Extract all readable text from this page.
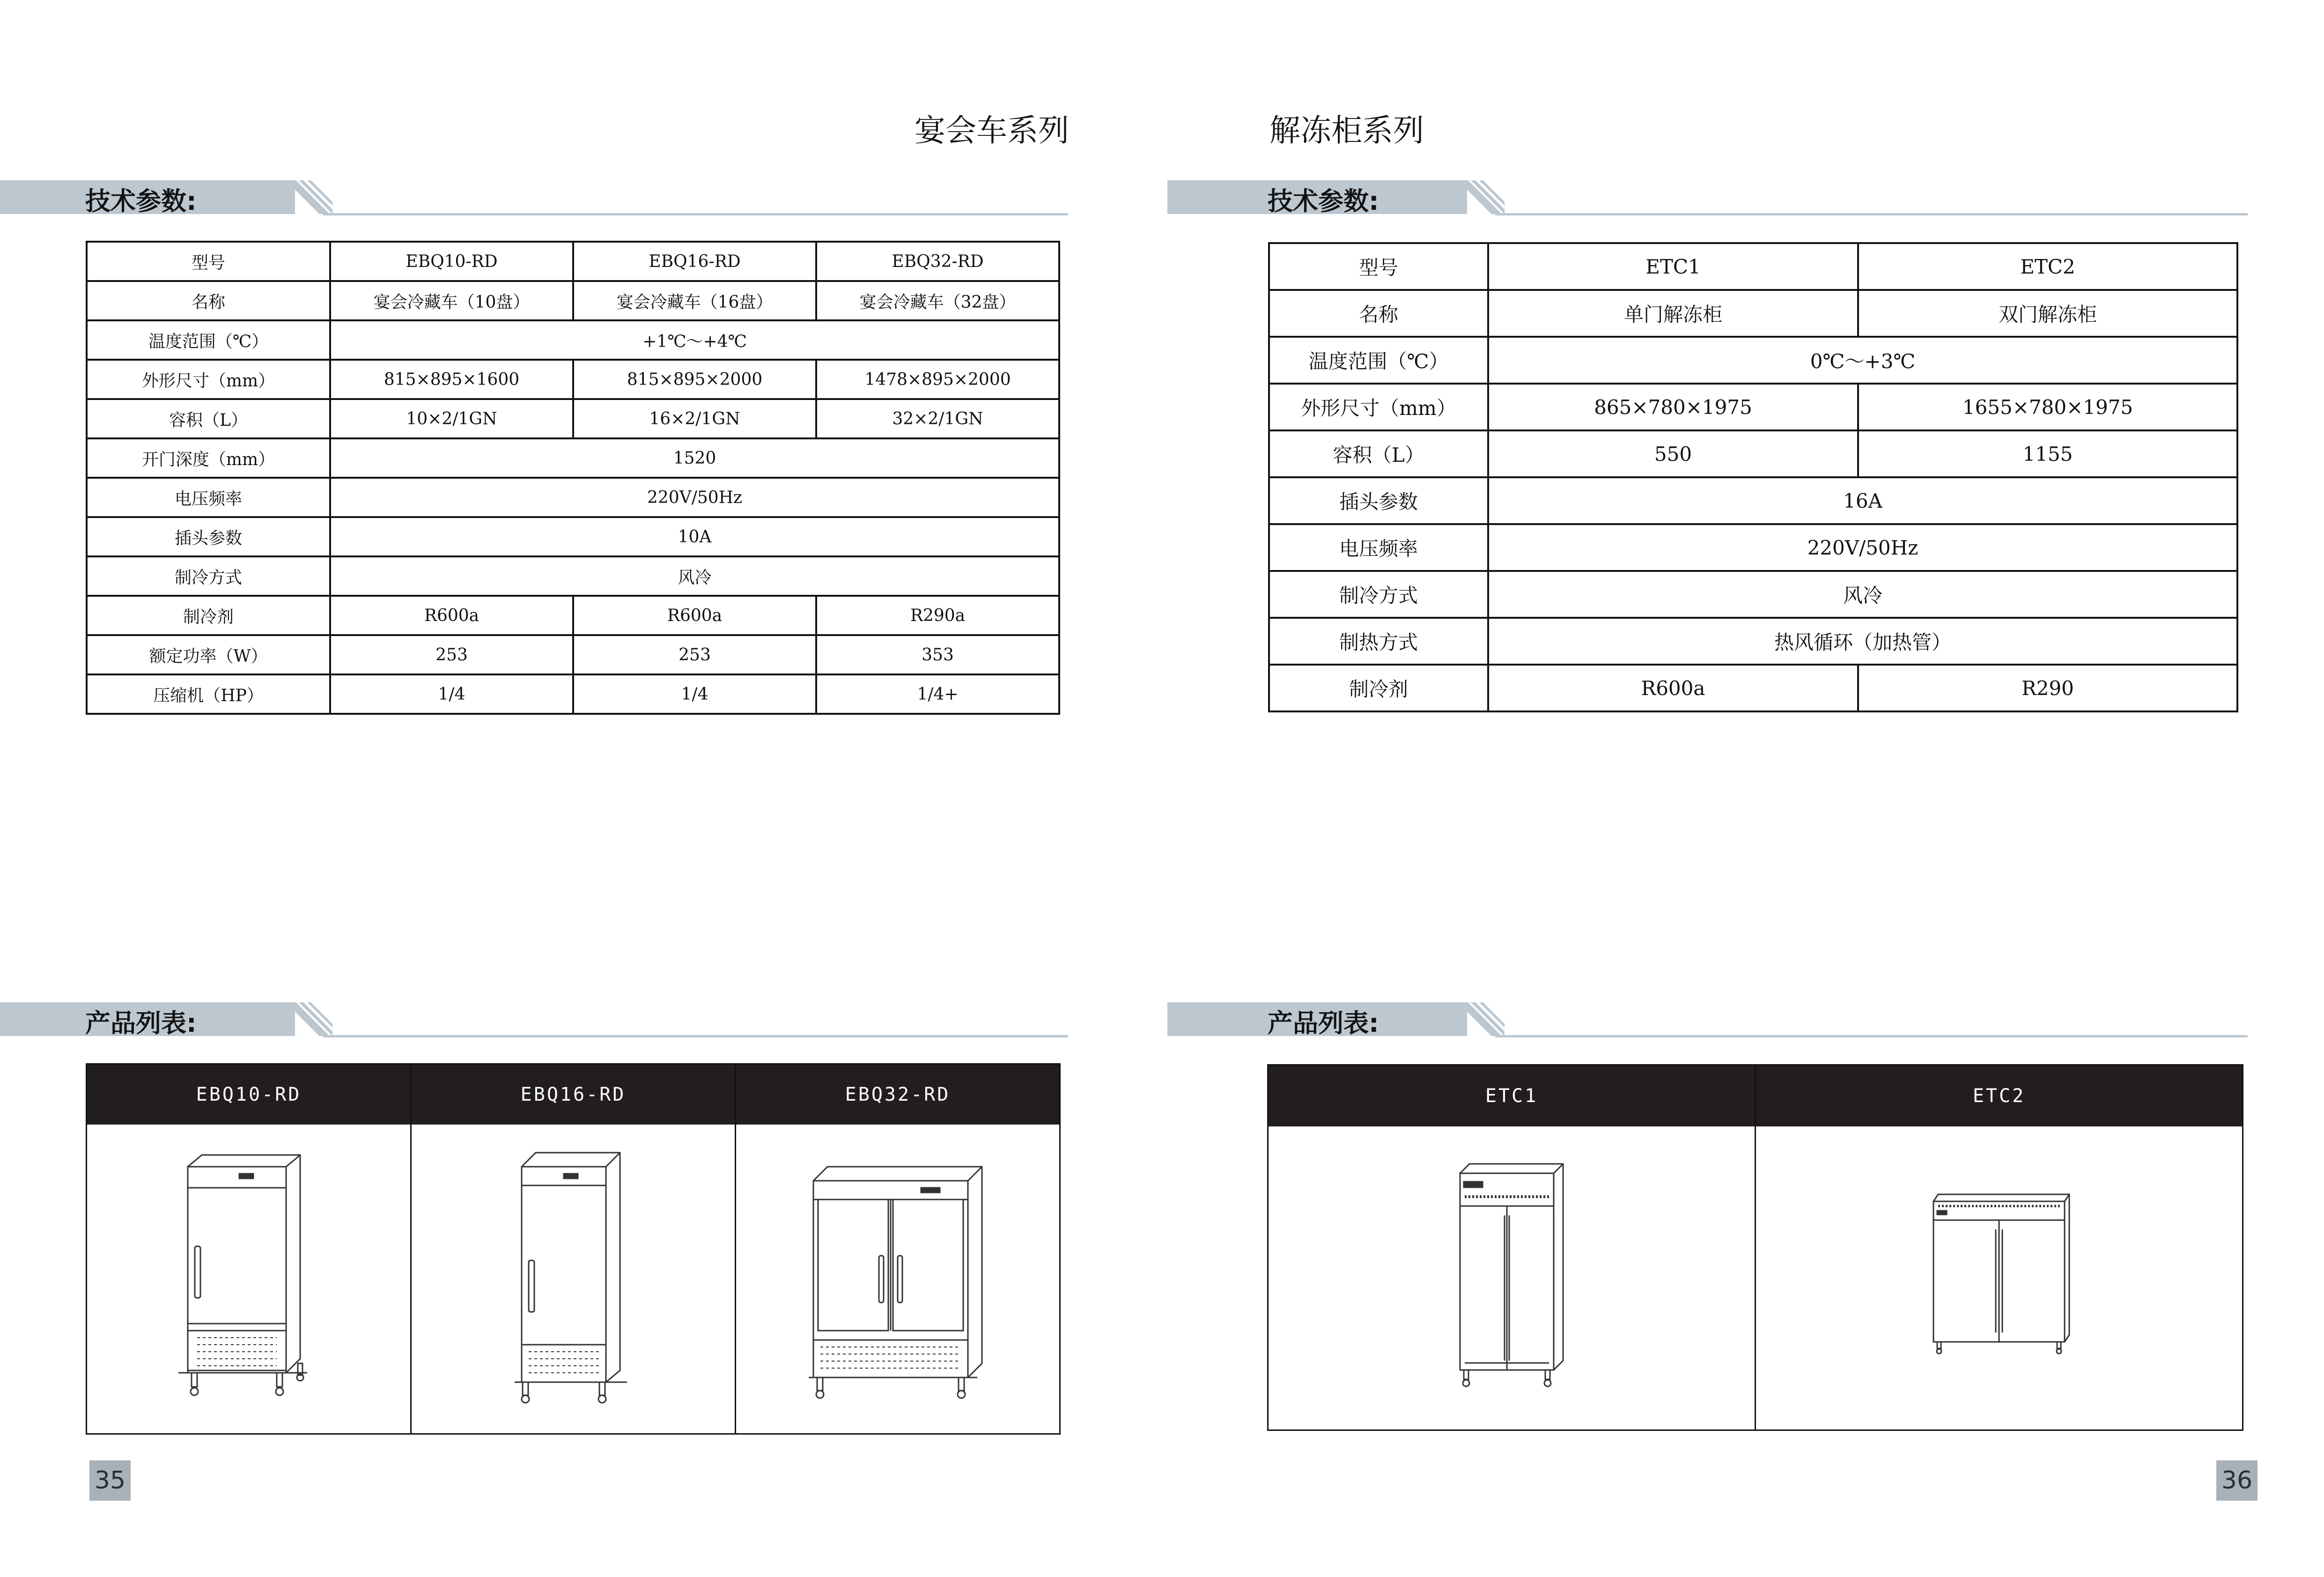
宴会车系列
技术参数:
型号	EBQ10-RD	EBQ16-RD	EBQ32-RD
名称	宴会冷藏车（10盘）	宴会冷藏车（16盘）	宴会冷藏车（32盘）
温度范围（℃）	+1℃～+4℃		
外形尺寸（mm）	815×895×1600	815×895×2000	1478×895×2000
容积（L）	10×2/1GN	16×2/1GN	32×2/1GN
开门深度（mm）	1520		
电压频率	220V/50Hz		
插头参数	10A		
制冷方式	风冷		
制冷剂	R600a	R600a	R290a
额定功率（W）	253	253	353
压缩机（HP）	1/4	1/4	1/4+
产品列表:
EBQ10-RD	EBQ16-RD	EBQ32-RD
35
解冻柜系列
技术参数:
型号	ETC1	ETC2
名称	单门解冻柜	双门解冻柜
温度范围（℃）	0℃～+3℃	
外形尺寸（mm）	865×780×1975	1655×780×1975
容积（L）	550	1155
插头参数	16A	
电压频率	220V/50Hz	
制冷方式	风冷	
制热方式	热风循环（加热管）	
制冷剂	R600a	R290
产品列表:
ETC1	ETC2
36
